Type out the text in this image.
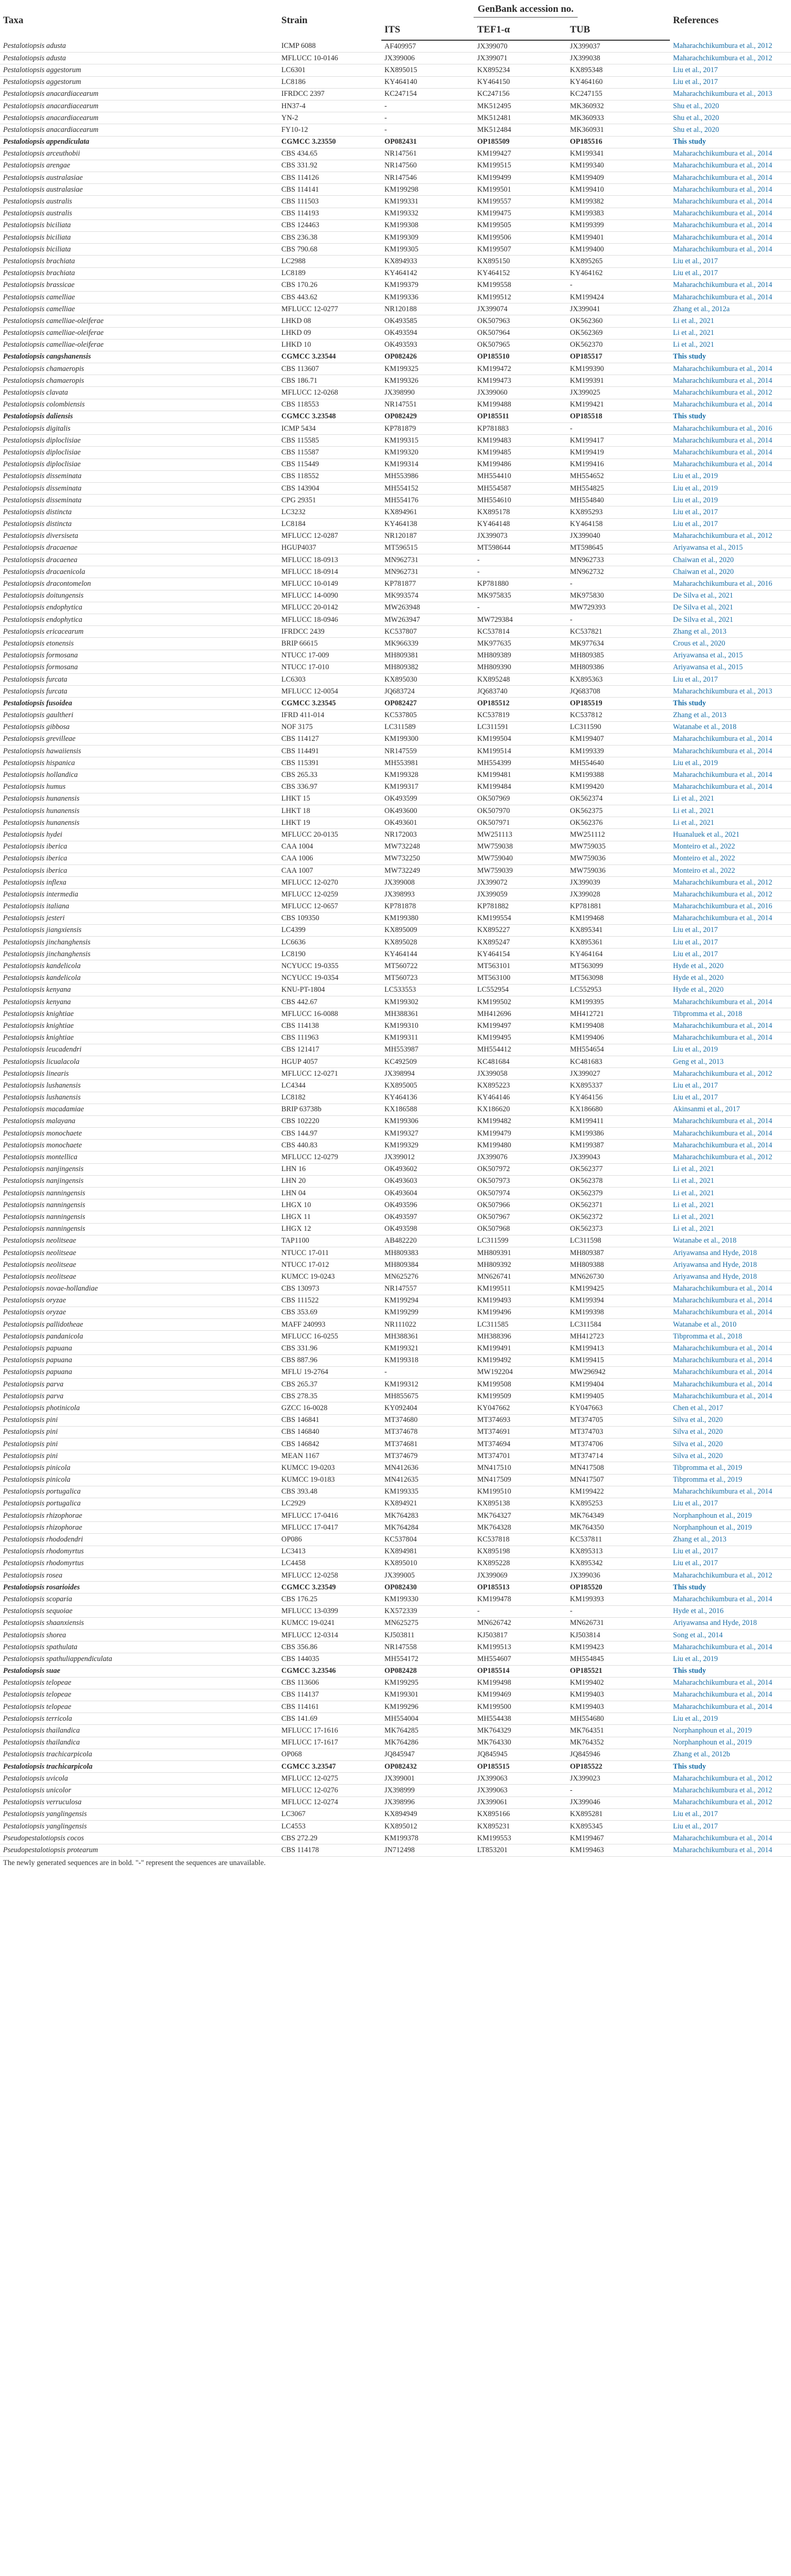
Taxa	Strain	GenBank accession no.			References
		ITS	TEF1-α	TUB	
Pestalotiopsis adusta	ICMP 6088	AF409957	JX399070	JX399037	Maharachchikumbura et al., 2012
Pestalotiopsis adusta	MFLUCC 10-0146	JX399006	JX399071	JX399038	Maharachchikumbura et al., 2012
Pestalotiopsis aggestorum	LC6301	KX895015	KX895234	KX895348	Liu et al., 2017
Pestalotiopsis aggestorum	LC8186	KY464140	KY464150	KY464160	Liu et al., 2017
Pestalotiopsis anacardiacearum	IFRDCC 2397	KC247154	KC247156	KC247155	Maharachchikumbura et al., 2013
Pestalotiopsis anacardiacearum	HN37-4	-	MK512495	MK360932	Shu et al., 2020
Pestalotiopsis anacardiacearum	YN-2	-	MK512481	MK360933	Shu et al., 2020
Pestalotiopsis anacardiacearum	FY10-12	-	MK512484	MK360931	Shu et al., 2020
Pestalotiopsis appendiculata	CGMCC 3.23550	OP082431	OP185509	OP185516	This study
Pestalotiopsis arceuthobii	CBS 434.65	NR147561	KM199427	KM199341	Maharachchikumbura et al., 2014
Pestalotiopsis arengae	CBS 331.92	NR147560	KM199515	KM199340	Maharachchikumbura et al., 2014
Pestalotiopsis australasiae	CBS 114126	NR147546	KM199499	KM199409	Maharachchikumbura et al., 2014
Pestalotiopsis australasiae	CBS 114141	KM199298	KM199501	KM199410	Maharachchikumbura et al., 2014
Pestalotiopsis australis	CBS 111503	KM199331	KM199557	KM199382	Maharachchikumbura et al., 2014
Pestalotiopsis australis	CBS 114193	KM199332	KM199475	KM199383	Maharachchikumbura et al., 2014
Pestalotiopsis biciliata	CBS 124463	KM199308	KM199505	KM199399	Maharachchikumbura et al., 2014
Pestalotiopsis biciliata	CBS 236.38	KM199309	KM199506	KM199401	Maharachchikumbura et al., 2014
Pestalotiopsis biciliata	CBS 790.68	KM199305	KM199507	KM199400	Maharachchikumbura et al., 2014
Pestalotiopsis brachiata	LC2988	KX894933	KX895150	KX895265	Liu et al., 2017
Pestalotiopsis brachiata	LC8189	KY464142	KY464152	KY464162	Liu et al., 2017
Pestalotiopsis brassicae	CBS 170.26	KM199379	KM199558	-	Maharachchikumbura et al., 2014
Pestalotiopsis camelliae	CBS 443.62	KM199336	KM199512	KM199424	Maharachchikumbura et al., 2014
Pestalotiopsis camelliae	MFLUCC 12-0277	NR120188	JX399074	JX399041	Zhang et al., 2012a
Pestalotiopsis camelliae-oleiferae	LHKD 08	OK493585	OK507963	OK562360	Li et al., 2021
Pestalotiopsis camelliae-oleiferae	LHKD 09	OK493594	OK507964	OK562369	Li et al., 2021
Pestalotiopsis camelliae-oleiferae	LHKD 10	OK493593	OK507965	OK562370	Li et al., 2021
Pestalotiopsis cangshanensis	CGMCC 3.23544	OP082426	OP185510	OP185517	This study
Pestalotiopsis chamaeropis	CBS 113607	KM199325	KM199472	KM199390	Maharachchikumbura et al., 2014
Pestalotiopsis chamaeropis	CBS 186.71	KM199326	KM199473	KM199391	Maharachchikumbura et al., 2014
Pestalotiopsis clavata	MFLUCC 12-0268	JX398990	JX399060	JX399025	Maharachchikumbura et al., 2012
Pestalotiopsis colombiensis	CBS 118553	NR147551	KM199488	KM199421	Maharachchikumbura et al., 2014
Pestalotiopsis daliensis	CGMCC 3.23548	OP082429	OP185511	OP185518	This study
Pestalotiopsis digitalis	ICMP 5434	KP781879	KP781883	-	Maharachchikumbura et al., 2016
Pestalotiopsis diploclisiae	CBS 115585	KM199315	KM199483	KM199417	Maharachchikumbura et al., 2014
Pestalotiopsis diploclisiae	CBS 115587	KM199320	KM199485	KM199419	Maharachchikumbura et al., 2014
Pestalotiopsis diploclisiae	CBS 115449	KM199314	KM199486	KM199416	Maharachchikumbura et al., 2014
Pestalotiopsis disseminata	CBS 118552	MH553986	MH554410	MH554652	Liu et al., 2019
Pestalotiopsis disseminata	CBS 143904	MH554152	MH554587	MH554825	Liu et al., 2019
Pestalotiopsis disseminata	CPG 29351	MH554176	MH554610	MH554840	Liu et al., 2019
Pestalotiopsis distincta	LC3232	KX894961	KX895178	KX895293	Liu et al., 2017
Pestalotiopsis distincta	LC8184	KY464138	KY464148	KY464158	Liu et al., 2017
Pestalotiopsis diversiseta	MFLUCC 12-0287	NR120187	JX399073	JX399040	Maharachchikumbura et al., 2012
Pestalotiopsis dracaenae	HGUP4037	MT596515	MT598644	MT598645	Ariyawansa et al., 2015
Pestalotiopsis dracaenea	MFLUCC 18-0913	MN962731	-	MN962733	Chaiwan et al., 2020
Pestalotiopsis dracaenicola	MFLUCC 18-0914	MN962731	-	MN962732	Chaiwan et al., 2020
Pestalotiopsis dracontomelon	MFLUCC 10-0149	KP781877	KP781880	-	Maharachchikumbura et al., 2016
Pestalotiopsis doitungensis	MFLUCC 14-0090	MK993574	MK975835	MK975830	De Silva et al., 2021
Pestalotiopsis endophytica	MFLUCC 20-0142	MW263948	-	MW729393	De Silva et al., 2021
Pestalotiopsis endophytica	MFLUCC 18-0946	MW263947	MW729384	-	De Silva et al., 2021
Pestalotiopsis ericacearum	IFRDCC 2439	KC537807	KC537814	KC537821	Zhang et al., 2013
Pestalotiopsis etonensis	BRIP 66615	MK966339	MK977635	MK977634	Crous et al., 2020
Pestalotiopsis formosana	NTUCC 17-009	MH809381	MH809389	MH809385	Ariyawansa et al., 2015
Pestalotiopsis formosana	NTUCC 17-010	MH809382	MH809390	MH809386	Ariyawansa et al., 2015
Pestalotiopsis furcata	LC6303	KX895030	KX895248	KX895363	Liu et al., 2017
Pestalotiopsis furcata	MFLUCC 12-0054	JQ683724	JQ683740	JQ683708	Maharachchikumbura et al., 2013
Pestalotiopsis fusoidea	CGMCC 3.23545	OP082427	OP185512	OP185519	This study
Pestalotiopsis gaultheri	IFRD 411-014	KC537805	KC537819	KC537812	Zhang et al., 2013
Pestalotiopsis gibbosa	NOF 3175	LC311589	LC311591	LC311590	Watanabe et al., 2018
Pestalotiopsis grevilleae	CBS 114127	KM199300	KM199504	KM199407	Maharachchikumbura et al., 2014
Pestalotiopsis hawaiiensis	CBS 114491	NR147559	KM199514	KM199339	Maharachchikumbura et al., 2014
Pestalotiopsis hispanica	CBS 115391	MH553981	MH554399	MH554640	Liu et al., 2019
Pestalotiopsis hollandica	CBS 265.33	KM199328	KM199481	KM199388	Maharachchikumbura et al., 2014
Pestalotiopsis humus	CBS 336.97	KM199317	KM199484	KM199420	Maharachchikumbura et al., 2014
Pestalotiopsis hunanensis	LHKT 15	OK493599	OK507969	OK562374	Li et al., 2021
Pestalotiopsis hunanensis	LHKT 18	OK493600	OK507970	OK562375	Li et al., 2021
Pestalotiopsis hunanensis	LHKT 19	OK493601	OK507971	OK562376	Li et al., 2021
Pestalotiopsis hydei	MFLUCC 20-0135	NR172003	MW251113	MW251112	Huanaluek et al., 2021
Pestalotiopsis iberica	CAA 1004	MW732248	MW759038	MW759035	Monteiro et al., 2022
Pestalotiopsis iberica	CAA 1006	MW732250	MW759040	MW759036	Monteiro et al., 2022
Pestalotiopsis iberica	CAA 1007	MW732249	MW759039	MW759036	Monteiro et al., 2022
Pestalotiopsis inflexa	MFLUCC 12-0270	JX399008	JX399072	JX399039	Maharachchikumbura et al., 2012
Pestalotiopsis intermedia	MFLUCC 12-0259	JX398993	JX399059	JX399028	Maharachchikumbura et al., 2012
Pestalotiopsis italiana	MFLUCC 12-0657	KP781878	KP781882	KP781881	Maharachchikumbura et al., 2016
Pestalotiopsis jesteri	CBS 109350	KM199380	KM199554	KM199468	Maharachchikumbura et al., 2014
Pestalotiopsis jiangxiensis	LC4399	KX895009	KX895227	KX895341	Liu et al., 2017
Pestalotiopsis jinchanghensis	LC6636	KX895028	KX895247	KX895361	Liu et al., 2017
Pestalotiopsis jinchanghensis	LC8190	KY464144	KY464154	KY464164	Liu et al., 2017
Pestalotiopsis kandelicola	NCYUCC 19-0355	MT560722	MT563101	MT563099	Hyde et al., 2020
Pestalotiopsis kandelicola	NCYUCC 19-0354	MT560723	MT563100	MT563098	Hyde et al., 2020
Pestalotiopsis kenyana	KNU-PT-1804	LC533553	LC552954	LC552953	Hyde et al., 2020
Pestalotiopsis kenyana	CBS 442.67	KM199302	KM199502	KM199395	Maharachchikumbura et al., 2014
Pestalotiopsis knightiae	MFLUCC 16-0088	MH388361	MH412696	MH412721	Tibpromma et al., 2018
Pestalotiopsis knightiae	CBS 114138	KM199310	KM199497	KM199408	Maharachchikumbura et al., 2014
Pestalotiopsis knightiae	CBS 111963	KM199311	KM199495	KM199406	Maharachchikumbura et al., 2014
Pestalotiopsis leucadendri	CBS 121417	MH553987	MH554412	MH554654	Liu et al., 2019
Pestalotiopsis licualacola	HGUP 4057	KC492509	KC481684	KC481683	Geng et al., 2013
Pestalotiopsis linearis	MFLUCC 12-0271	JX398994	JX399058	JX399027	Maharachchikumbura et al., 2012
Pestalotiopsis lushanensis	LC4344	KX895005	KX895223	KX895337	Liu et al., 2017
Pestalotiopsis lushanensis	LC8182	KY464136	KY464146	KY464156	Liu et al., 2017
Pestalotiopsis macadamiae	BRIP 63738b	KX186588	KX186620	KX186680	Akinsanmi et al., 2017
Pestalotiopsis malayana	CBS 102220	KM199306	KM199482	KM199411	Maharachchikumbura et al., 2014
Pestalotiopsis monochaete	CBS 144.97	KM199327	KM199479	KM199386	Maharachchikumbura et al., 2014
Pestalotiopsis monochaete	CBS 440.83	KM199329	KM199480	KM199387	Maharachchikumbura et al., 2014
Pestalotiopsis montellica	MFLUCC 12-0279	JX399012	JX399076	JX399043	Maharachchikumbura et al., 2012
Pestalotiopsis nanjingensis	LHN 16	OK493602	OK507972	OK562377	Li et al., 2021
Pestalotiopsis nanjingensis	LHN 20	OK493603	OK507973	OK562378	Li et al., 2021
Pestalotiopsis nanningensis	LHN 04	OK493604	OK507974	OK562379	Li et al., 2021
Pestalotiopsis nanningensis	LHGX 10	OK493596	OK507966	OK562371	Li et al., 2021
Pestalotiopsis nanningensis	LHGX 11	OK493597	OK507967	OK562372	Li et al., 2021
Pestalotiopsis nanningensis	LHGX 12	OK493598	OK507968	OK562373	Li et al., 2021
Pestalotiopsis neolitseae	TAP1100	AB482220	LC311599	LC311598	Watanabe et al., 2018
Pestalotiopsis neolitseae	NTUCC 17-011	MH809383	MH809391	MH809387	Ariyawansa and Hyde, 2018
Pestalotiopsis neolitseae	NTUCC 17-012	MH809384	MH809392	MH809388	Ariyawansa and Hyde, 2018
Pestalotiopsis neolitseae	KUMCC 19-0243	MN625276	MN626741	MN626730	Ariyawansa and Hyde, 2018
Pestalotiopsis novae-hollandiae	CBS 130973	NR147557	KM199511	KM199425	Maharachchikumbura et al., 2014
Pestalotiopsis oryzae	CBS 111522	KM199294	KM199493	KM199394	Maharachchikumbura et al., 2014
Pestalotiopsis oryzae	CBS 353.69	KM199299	KM199496	KM199398	Maharachchikumbura et al., 2014
Pestalotiopsis pallidotheae	MAFF 240993	NR111022	LC311585	LC311584	Watanabe et al., 2010
Pestalotiopsis pandanicola	MFLUCC 16-0255	MH388361	MH388396	MH412723	Tibpromma et al., 2018
Pestalotiopsis papuana	CBS 331.96	KM199321	KM199491	KM199413	Maharachchikumbura et al., 2014
Pestalotiopsis papuana	CBS 887.96	KM199318	KM199492	KM199415	Maharachchikumbura et al., 2014
Pestalotiopsis papuana	MFLU 19-2764	-	MW192204	MW296942	Maharachchikumbura et al., 2014
Pestalotiopsis parva	CBS 265.37	KM199312	KM199508	KM199404	Maharachchikumbura et al., 2014
Pestalotiopsis parva	CBS 278.35	MH855675	KM199509	KM199405	Maharachchikumbura et al., 2014
Pestalotiopsis photinicola	GZCC 16-0028	KY092404	KY047662	KY047663	Chen et al., 2017
Pestalotiopsis pini	CBS 146841	MT374680	MT374693	MT374705	Silva et al., 2020
Pestalotiopsis pini	CBS 146840	MT374678	MT374691	MT374703	Silva et al., 2020
Pestalotiopsis pini	CBS 146842	MT374681	MT374694	MT374706	Silva et al., 2020
Pestalotiopsis pini	MEAN 1167	MT374679	MT374701	MT374714	Silva et al., 2020
Pestalotiopsis pinicola	KUMCC 19-0203	MN412636	MN417510	MN417508	Tibpromma et al., 2019
Pestalotiopsis pinicola	KUMCC 19-0183	MN412635	MN417509	MN417507	Tibpromma et al., 2019
Pestalotiopsis portugalica	CBS 393.48	KM199335	KM199510	KM199422	Maharachchikumbura et al., 2014
Pestalotiopsis portugalica	LC2929	KX894921	KX895138	KX895253	Liu et al., 2017
Pestalotiopsis rhizophorae	MFLUCC 17-0416	MK764283	MK764327	MK764349	Norphanphoun et al., 2019
Pestalotiopsis rhizophorae	MFLUCC 17-0417	MK764284	MK764328	MK764350	Norphanphoun et al., 2019
Pestalotiopsis rhododendri	OP086	KC537804	KC537818	KC537811	Zhang et al., 2013
Pestalotiopsis rhodomyrtus	LC3413	KX894981	KX895198	KX895313	Liu et al., 2017
Pestalotiopsis rhodomyrtus	LC4458	KX895010	KX895228	KX895342	Liu et al., 2017
Pestalotiopsis rosea	MFLUCC 12-0258	JX399005	JX399069	JX399036	Maharachchikumbura et al., 2012
Pestalotiopsis rosarioides	CGMCC 3.23549	OP082430	OP185513	OP185520	This study
Pestalotiopsis scoparia	CBS 176.25	KM199330	KM199478	KM199393	Maharachchikumbura et al., 2014
Pestalotiopsis sequoiae	MFLUCC 13-0399	KX572339	-	-	Hyde et al., 2016
Pestalotiopsis shaanxiensis	KUMCC 19-0241	MN625275	MN626742	MN626731	Ariyawansa and Hyde, 2018
Pestalotiopsis shorea	MFLUCC 12-0314	KJ503811	KJ503817	KJ503814	Song et al., 2014
Pestalotiopsis spathulata	CBS 356.86	NR147558	KM199513	KM199423	Maharachchikumbura et al., 2014
Pestalotiopsis spathuliappendiculata	CBS 144035	MH554172	MH554607	MH554845	Liu et al., 2019
Pestalotiopsis suae	CGMCC 3.23546	OP082428	OP185514	OP185521	This study
Pestalotiopsis telopeae	CBS 113606	KM199295	KM199498	KM199402	Maharachchikumbura et al., 2014
Pestalotiopsis telopeae	CBS 114137	KM199301	KM199469	KM199403	Maharachchikumbura et al., 2014
Pestalotiopsis telopeae	CBS 114161	KM199296	KM199500	KM199403	Maharachchikumbura et al., 2014
Pestalotiopsis terricola	CBS 141.69	MH554004	MH554438	MH554680	Liu et al., 2019
Pestalotiopsis thailandica	MFLUCC 17-1616	MK764285	MK764329	MK764351	Norphanphoun et al., 2019
Pestalotiopsis thailandica	MFLUCC 17-1617	MK764286	MK764330	MK764352	Norphanphoun et al., 2019
Pestalotiopsis trachicarpicola	OP068	JQ845947	JQ845945	JQ845946	Zhang et al., 2012b
Pestalotiopsis trachicarpicola	CGMCC 3.23547	OP082432	OP185515	OP185522	This study
Pestalotiopsis uvicola	MFLUCC 12-0275	JX399001	JX399063	JX399023	Maharachchikumbura et al., 2012
Pestalotiopsis unicolor	MFLUCC 12-0276	JX398999	JX399063	-	Maharachchikumbura et al., 2012
Pestalotiopsis verruculosa	MFLUCC 12-0274	JX398996	JX399061	JX399046	Maharachchikumbura et al., 2012
Pestalotiopsis yanglingensis	LC3067	KX894949	KX895166	KX895281	Liu et al., 2017
Pestalotiopsis yanglingensis	LC4553	KX895012	KX895231	KX895345	Liu et al., 2017
Pseudopestalotiopsis cocos	CBS 272.29	KM199378	KM199553	KM199467	Maharachchikumbura et al., 2014
Pseudopestalotiopsis protearum	CBS 114178	JN712498	LT853201	KM199463	Maharachchikumbura et al., 2014
The newly generated sequences are in bold. "-" represent the sequences are unavailable.
